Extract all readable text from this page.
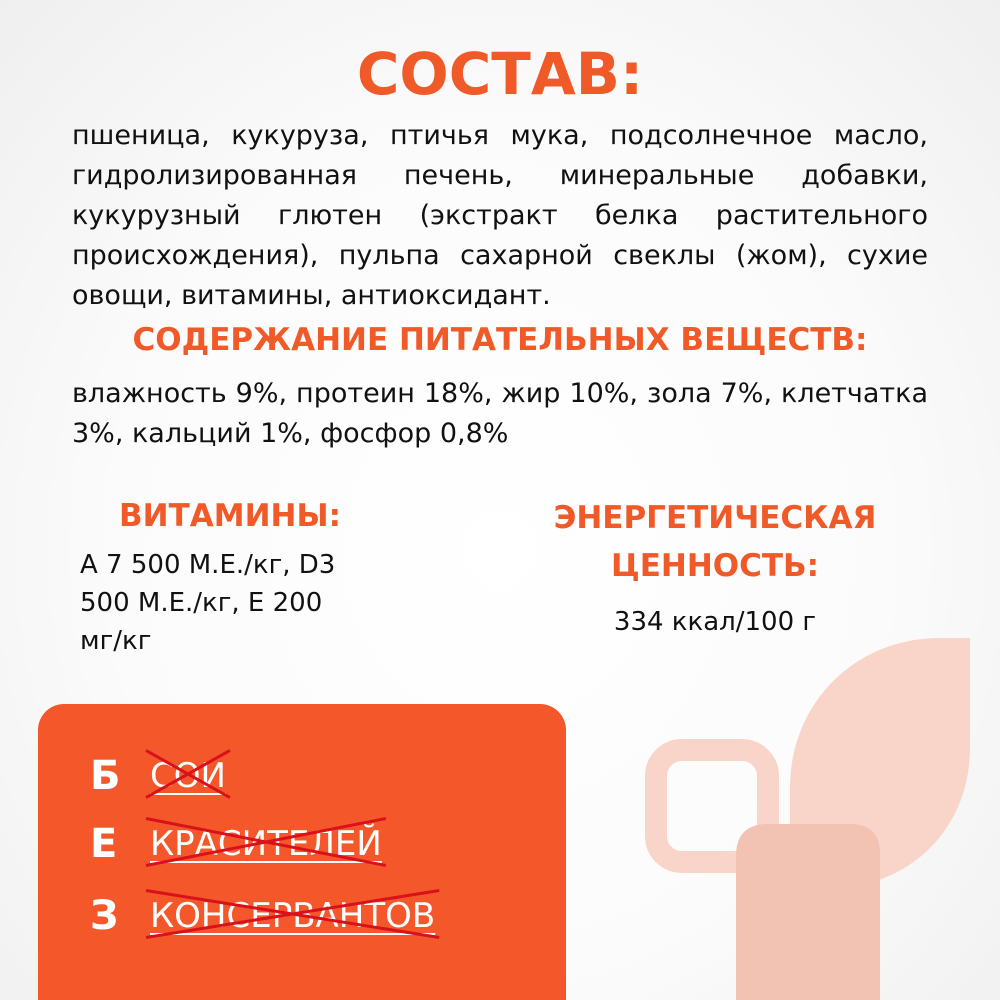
СОСТАВ:

пшеница, кукуруза, птичья мука, подсолнечное масло, гидролизированная печень, минеральные добавки, кукурузный глютен (экстракт белка растительного происхождения), пульпа сахарной свеклы (жом), сухие овощи, витамины, антиоксидант.

СОДЕРЖАНИЕ ПИТАТЕЛЬНЫХ ВЕЩЕСТВ:

влажность 9%, протеин 18%, жир 10%, зола 7%, клетчатка 3%, кальций 1%, фосфор 0,8%

ВИТАМИНЫ:

A 7 500 М.Е./кг, D3 500 М.Е./кг, Е 200 мг/кг

ЭНЕРГЕТИЧЕСКАЯ ЦЕННОСТЬ:

334 ккал/100 г

Б СОИ
Е КРАСИТЕЛЕЙ
З КОНСЕРВАНТОВ
